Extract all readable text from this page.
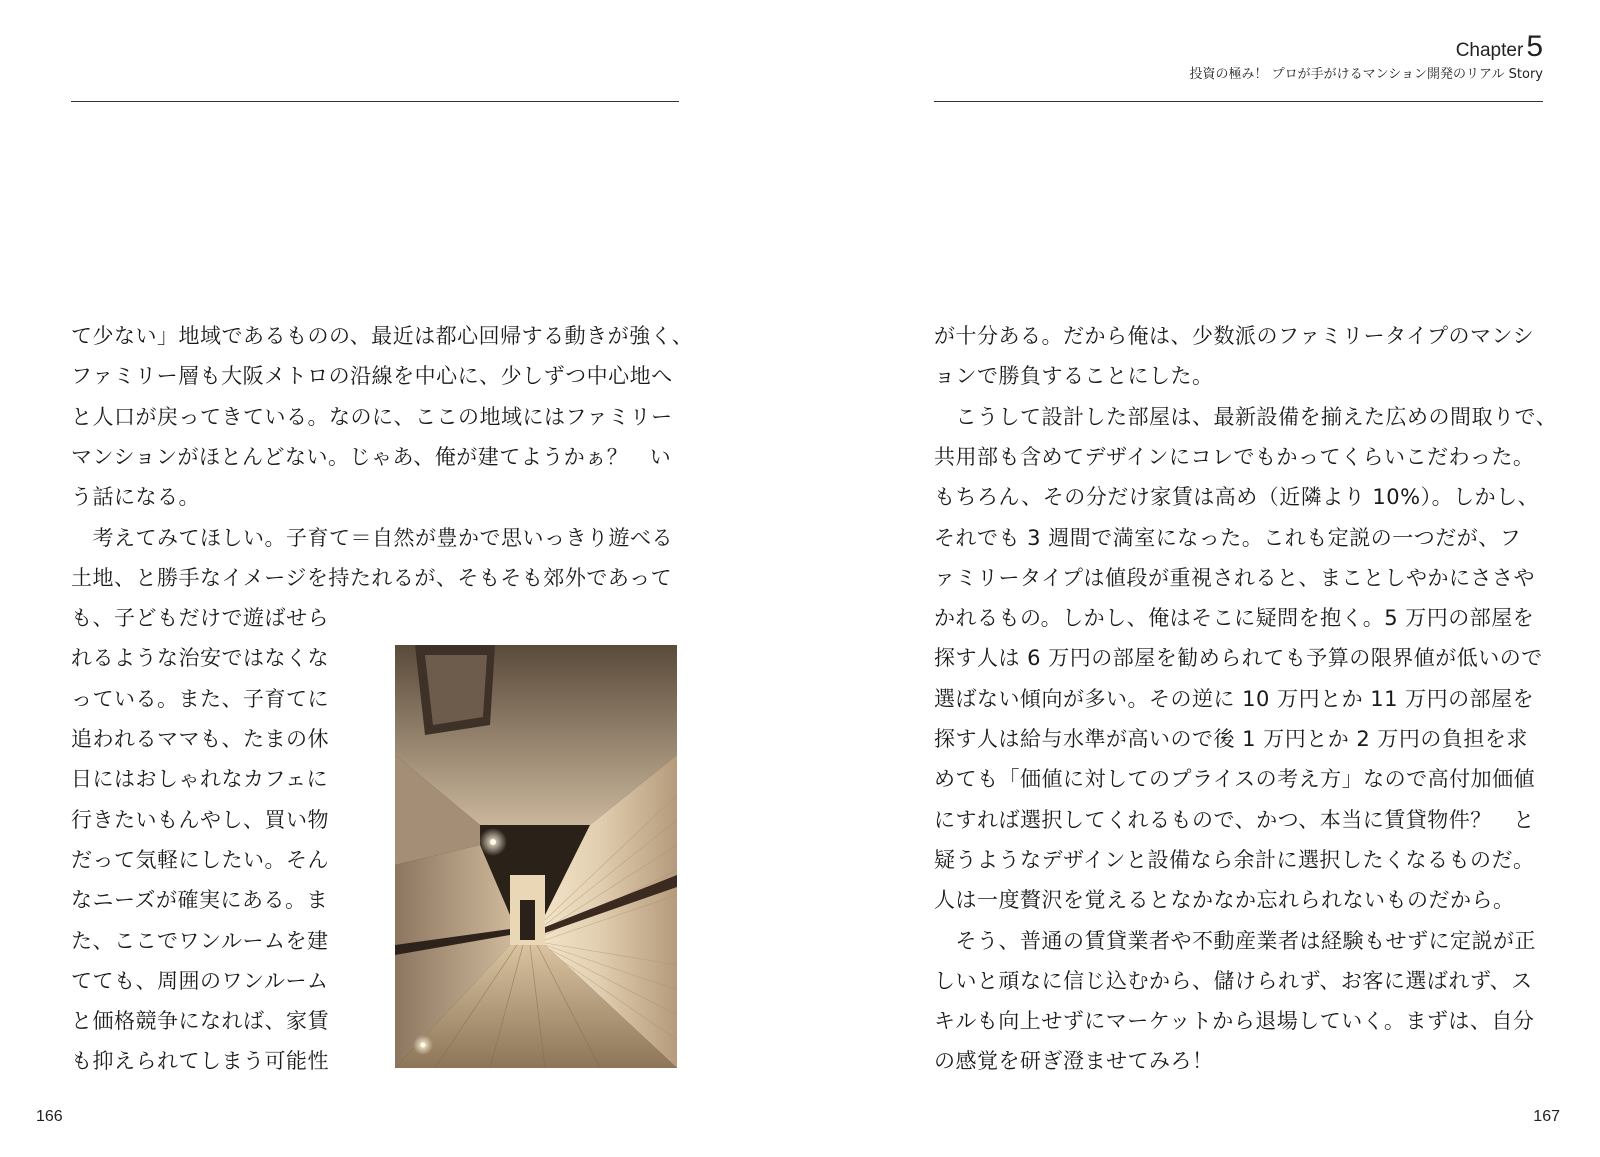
て少ない」地域であるものの、最近は都心回帰する動きが強く、
ファミリー層も大阪メトロの沿線を中心に、少しずつ中心地へ
と人口が戻ってきている。なのに、ここの地域にはファミリー
マンションがほとんどない。じゃあ、俺が建てようかぁ？　い
う話になる。
　考えてみてほしい。子育て＝自然が豊かで思いっきり遊べる
土地、と勝手なイメージを持たれるが、そもそも郊外であって
も、子どもだけで遊ばせら
れるような治安ではなくな
っている。また、子育てに
追われるママも、たまの休
日にはおしゃれなカフェに
行きたいもんやし、買い物
だって気軽にしたい。そん
なニーズが確実にある。ま
た、ここでワンルームを建
てても、周囲のワンルーム
と価格競争になれば、家賃
も抑えられてしまう可能性
166
Chapter 5
投資の極み！ プロが手がけるマンション開発のリアル Story
が十分ある。だから俺は、少数派のファミリータイプのマンシ
ョンで勝負することにした。
　こうして設計した部屋は、最新設備を揃えた広めの間取りで、
共用部も含めてデザインにコレでもかってくらいこだわった。
もちろん、その分だけ家賃は高め（近隣より 10%）。しかし、
それでも 3 週間で満室になった。これも定説の一つだが、フ
ァミリータイプは値段が重視されると、まことしやかにささや
かれるもの。しかし、俺はそこに疑問を抱く。5 万円の部屋を
探す人は 6 万円の部屋を勧められても予算の限界値が低いので
選ばない傾向が多い。その逆に 10 万円とか 11 万円の部屋を
探す人は給与水準が高いので後 1 万円とか 2 万円の負担を求
めても「価値に対してのプライスの考え方」なので高付加価値
にすれば選択してくれるもので、かつ、本当に賃貸物件？　と
疑うようなデザインと設備なら余計に選択したくなるものだ。
人は一度贅沢を覚えるとなかなか忘れられないものだから。
　そう、普通の賃貸業者や不動産業者は経験もせずに定説が正
しいと頑なに信じ込むから、儲けられず、お客に選ばれず、ス
キルも向上せずにマーケットから退場していく。まずは、自分
の感覚を研ぎ澄ませてみろ！
167
